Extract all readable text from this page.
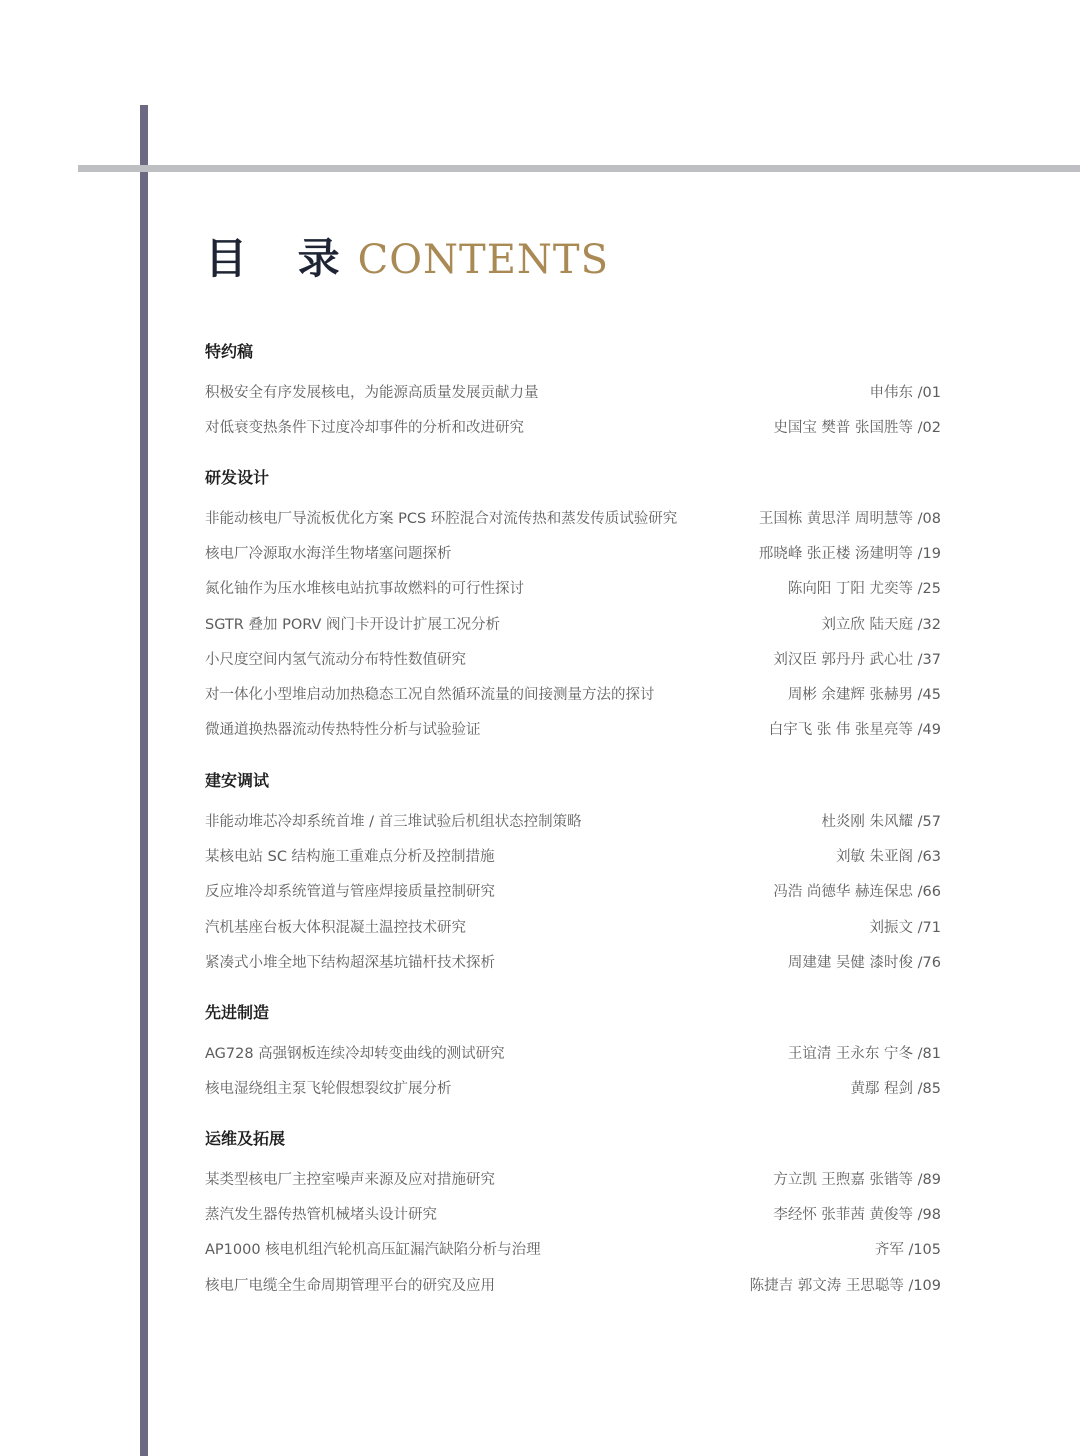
目 录 CONTENTS
特约稿
积极安全有序发展核电，为能源高质量发展贡献力量	申伟东 /01
对低衰变热条件下过度冷却事件的分析和改进研究	史国宝 樊普 张国胜等 /02
研发设计
非能动核电厂导流板优化方案 PCS 环腔混合对流传热和蒸发传质试验研究	王国栋 黄思洋 周明慧等 /08
核电厂冷源取水海洋生物堵塞问题探析	邢晓峰 张正楼 汤建明等 /19
氮化铀作为压水堆核电站抗事故燃料的可行性探讨	陈向阳 丁阳 尤奕等 /25
SGTR 叠加 PORV 阀门卡开设计扩展工况分析	刘立欣 陆天庭 /32
小尺度空间内氢气流动分布特性数值研究	刘汉臣 郭丹丹 武心壮 /37
对一体化小型堆启动加热稳态工况自然循环流量的间接测量方法的探讨	周彬 余建辉 张赫男 /45
微通道换热器流动传热特性分析与试验验证	白宇飞 张 伟 张星亮等 /49
建安调试
非能动堆芯冷却系统首堆 / 首三堆试验后机组状态控制策略	杜炎刚 朱风耀 /57
某核电站 SC 结构施工重难点分析及控制措施	刘敏 朱亚阁 /63
反应堆冷却系统管道与管座焊接质量控制研究	冯浩 尚德华 赫连保忠 /66
汽机基座台板大体积混凝土温控技术研究	刘振文 /71
紧凑式小堆全地下结构超深基坑锚杆技术探析	周建建 吴健 漆时俊 /76
先进制造
AG728 高强钢板连续冷却转变曲线的测试研究	王谊清 王永东 宁冬 /81
核电湿绕组主泵飞轮假想裂纹扩展分析	黄鄢 程剑 /85
运维及拓展
某类型核电厂主控室噪声来源及应对措施研究	方立凯 王煦嘉 张锴等 /89
蒸汽发生器传热管机械堵头设计研究	李经怀 张菲茜 黄俊等 /98
AP1000 核电机组汽轮机高压缸漏汽缺陷分析与治理	齐军 /105
核电厂电缆全生命周期管理平台的研究及应用	陈捷吉 郭文涛 王思聪等 /109
